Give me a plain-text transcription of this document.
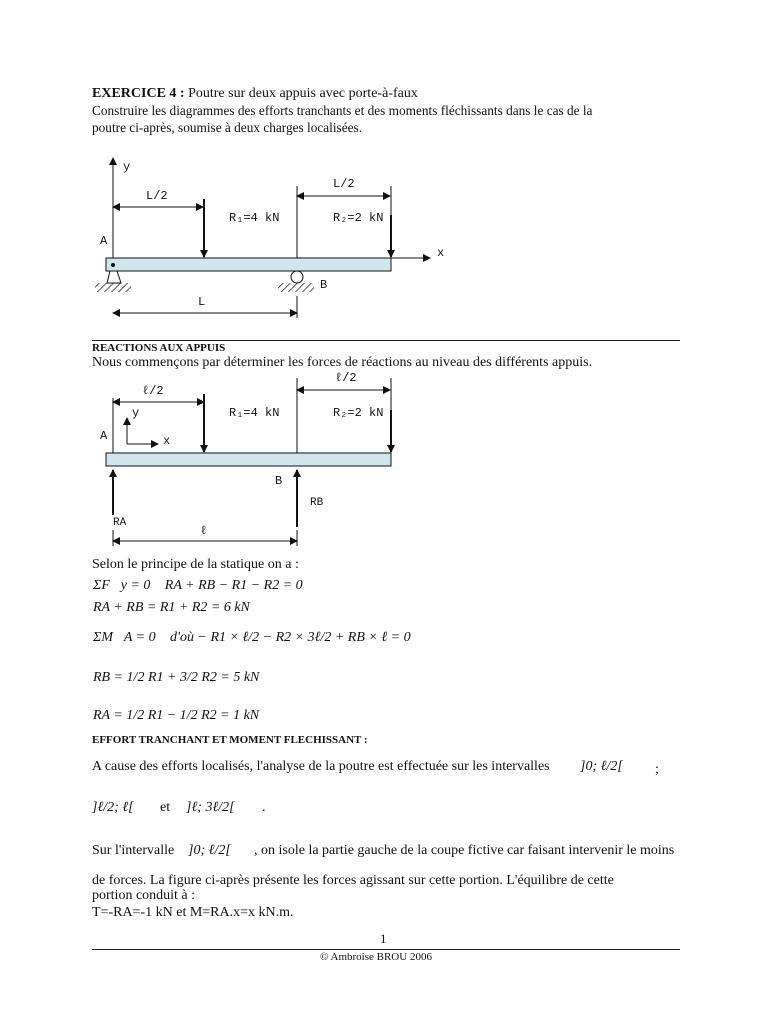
EXERCICE 4 : Poutre sur deux appuis avec porte-à-faux
Construire les diagrammes des efforts tranchants et des moments fléchissants dans le cas de la
poutre ci-après, soumise à deux charges localisées.
y
L/2
L/2
R₁=4 kN	R₂=2 kN
A
x
B
L
REACTIONS AUX APPUIS
Nous commençons par déterminer les forces de réactions au niveau des différents appuis.
ℓ/2
ℓ/2
y	R₁=4 kN	R₂=2 kN
A	x
B
RB
RA
ℓ
Selon le principe de la statique on a :
ΣF⃗y = 0⃗ RA + RB − R1 − R2 = 0
RA + RB = R1 + R2 = 6 kN
ΣM⃗A = 0⃗ d'où − R1 × ℓ/2 − R2 × 3ℓ/2 + RB × ℓ = 0
RB = 1/2 R1 + 3/2 R2 = 5 kN
RA = 1/2 R1 − 1/2 R2 = 1 kN
EFFORT TRANCHANT ET MOMENT FLECHISSANT :
A cause des efforts localisés, l'analyse de la poutre est effectuée sur les intervalles ]0; ℓ/2[ ;
]ℓ/2; ℓ[ et ]ℓ; 3ℓ/2[ .
Sur l'intervalle ]0; ℓ/2[ , on isole la partie gauche de la coupe fictive car faisant intervenir le moins
de forces. La figure ci-après présente les forces agissant sur cette portion. L'équilibre de cette
portion conduit à :
T=-RA=-1 kN et M=RA.x=x kN.m.
1
© Ambroise BROU 2006
